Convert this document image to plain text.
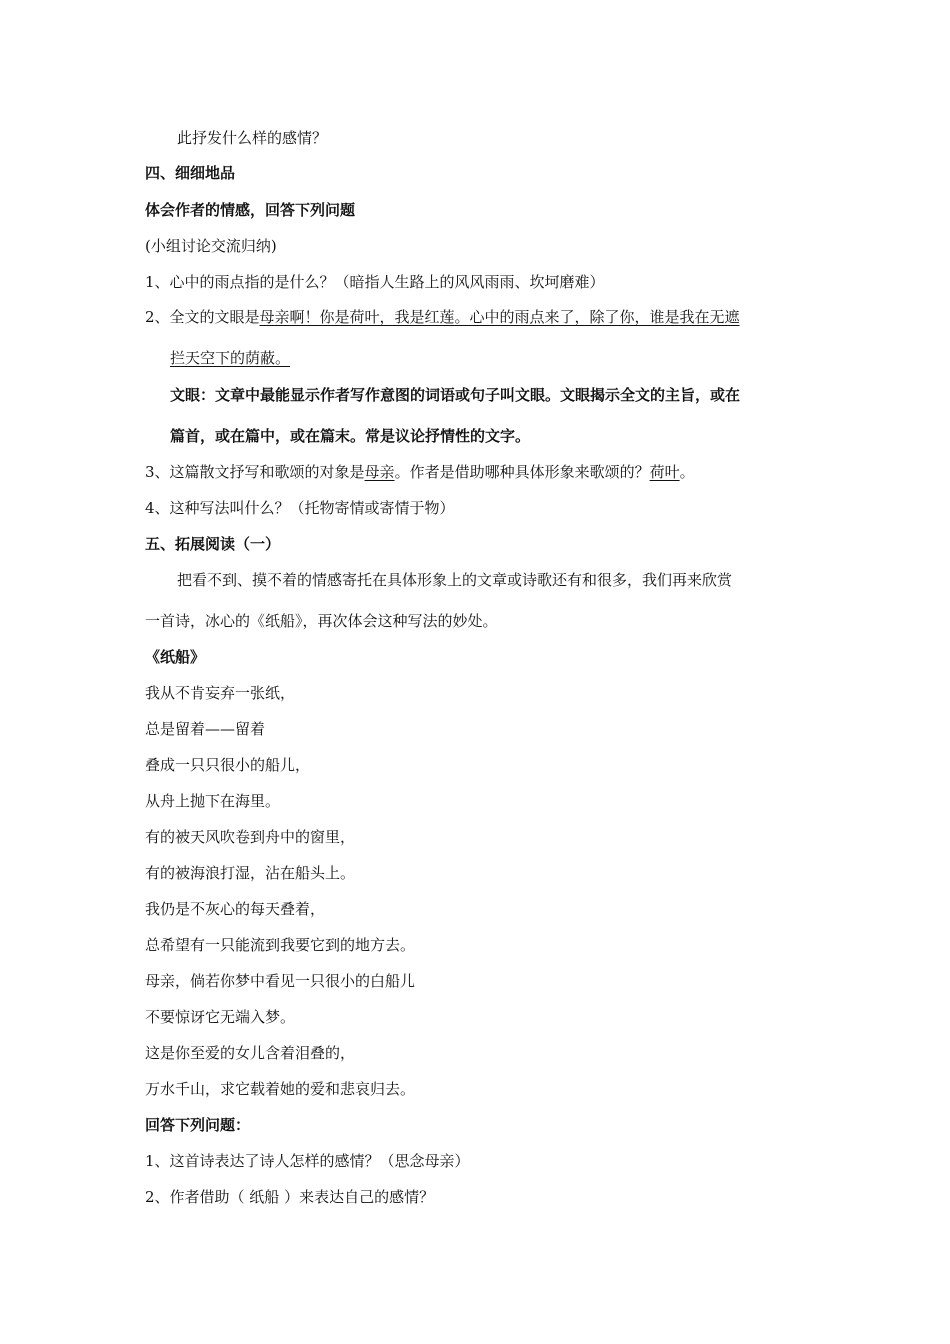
此抒发什么样的感情？
四、细细地品
体会作者的情感，回答下列问题
(小组讨论交流归纳)
1、心中的雨点指的是什么？（暗指人生路上的风风雨雨、坎坷磨难）
2、全文的文眼是母亲啊！你是荷叶，我是红莲。心中的雨点来了，除了你，谁是我在无遮
拦天空下的荫蔽。
文眼：文章中最能显示作者写作意图的词语或句子叫文眼。文眼揭示全文的主旨，或在
篇首，或在篇中，或在篇末。常是议论抒情性的文字。
3、这篇散文抒写和歌颂的对象是母亲。作者是借助哪种具体形象来歌颂的？荷叶。
4、这种写法叫什么？（托物寄情或寄情于物）
五、拓展阅读（一）
把看不到、摸不着的情感寄托在具体形象上的文章或诗歌还有和很多，我们再来欣赏
一首诗，冰心的《纸船》，再次体会这种写法的妙处。
《纸船》
我从不肯妄弃一张纸，
总是留着——留着
叠成一只只很小的船儿，
从舟上抛下在海里。
有的被天风吹卷到舟中的窗里，
有的被海浪打湿，沾在船头上。
我仍是不灰心的每天叠着，
总希望有一只能流到我要它到的地方去。
母亲，倘若你梦中看见一只很小的白船儿
不要惊讶它无端入梦。
这是你至爱的女儿含着泪叠的，
万水千山，求它载着她的爱和悲哀归去。
回答下列问题：
1、这首诗表达了诗人怎样的感情？（思念母亲）
2、作者借助（ 纸船 ）来表达自己的感情？
